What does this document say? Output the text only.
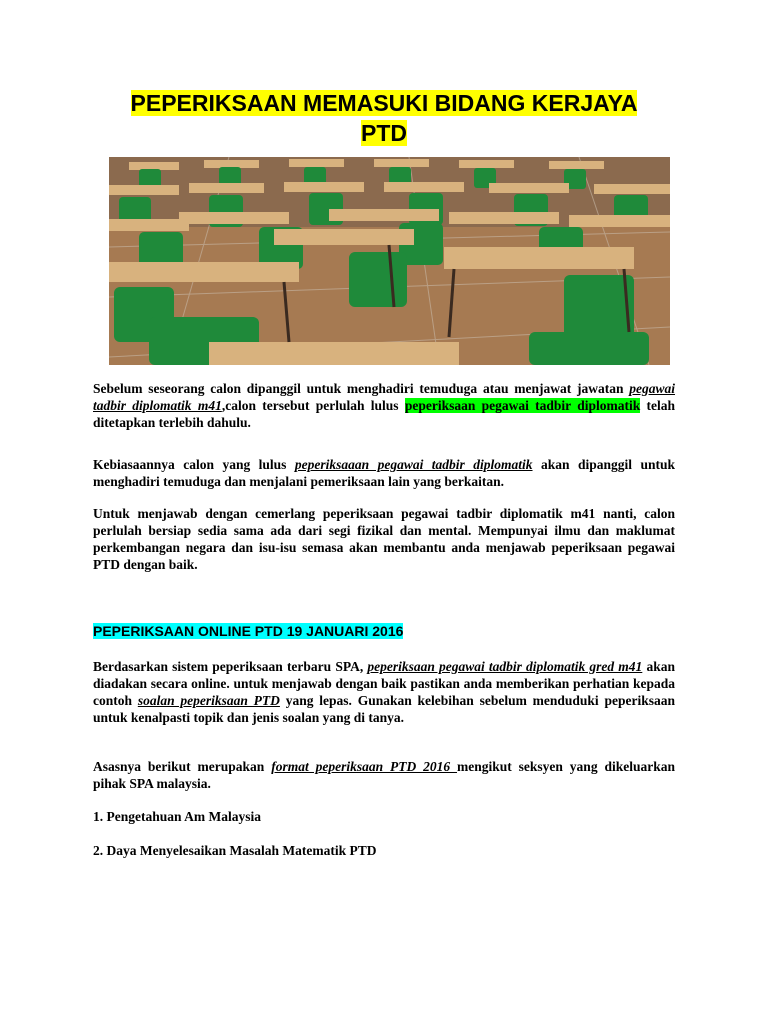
PEPERIKSAAN MEMASUKI BIDANG KERJAYA
PTD
Sebelum seseorang calon dipanggil untuk menghadiri temuduga atau menjawat jawatan pegawai tadbir diplomatik m41,calon tersebut perlulah lulus peperiksaan pegawai tadbir diplomatik telah ditetapkan terlebih dahulu.
Kebiasaannya calon yang lulus peperiksaaan pegawai tadbir diplomatik akan dipanggil untuk menghadiri temuduga dan menjalani pemeriksaan lain yang berkaitan.
Untuk menjawab dengan cemerlang peperiksaan pegawai tadbir diplomatik m41 nanti, calon perlulah bersiap sedia sama ada dari segi fizikal dan mental. Mempunyai ilmu dan maklumat perkembangan negara dan isu-isu semasa akan membantu anda menjawab peperiksaan pegawai PTD dengan baik.
PEPERIKSAAN ONLINE PTD 19 JANUARI 2016
Berdasarkan sistem peperiksaan terbaru SPA, peperiksaan pegawai tadbir diplomatik gred m41 akan diadakan secara online. untuk menjawab dengan baik pastikan anda memberikan perhatian kepada contoh soalan peperiksaan PTD yang lepas. Gunakan kelebihan sebelum menduduki peperiksaan untuk kenalpasti topik dan jenis soalan yang di tanya.
Asasnya berikut merupakan format peperiksaan PTD 2016 mengikut seksyen yang dikeluarkan pihak SPA malaysia.
1. Pengetahuan Am Malaysia
2. Daya Menyelesaikan Masalah Matematik PTD
